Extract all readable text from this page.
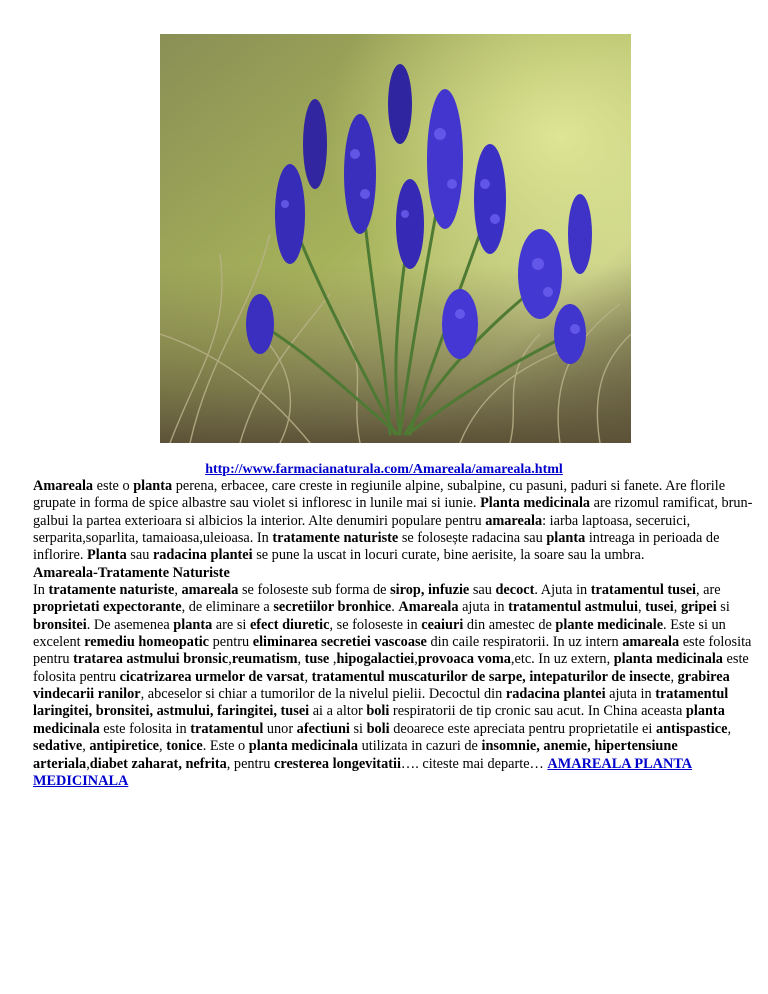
http://www.farmacianaturala.com/Amareala/amareala.html

Amareala este o planta perena, erbacee, care creste in regiunile alpine, subalpine, cu pasuni, paduri si fanete. Are florile grupate in forma de spice albastre sau violet si infloresc in lunile mai si iunie. Planta medicinala are rizomul ramificat, brun-galbui la partea exterioara si albicios la interior. Alte denumiri populare pentru amareala: iarba laptoasa, seceruici, serparita,soparlita, tamaioasa,uleioasa. In tratamente naturiste se folosește radacina sau planta intreaga in perioada de inflorire. Planta sau radacina plantei se pune la uscat in locuri curate, bine aerisite, la soare sau la umbra.

Amareala-Tratamente Naturiste

In tratamente naturiste, amareala se foloseste sub forma de sirop, infuzie sau decoct. Ajuta in tratamentul tusei, are proprietati expectorante, de eliminare a secretiilor bronhice. Amareala ajuta in tratamentul astmului, tusei, gripei si bronsitei. De asemenea planta are si efect diuretic, se foloseste in ceaiuri din amestec de plante medicinale. Este si un excelent remediu homeopatic pentru eliminarea secretiei vascoase din caile respiratorii. In uz intern amareala este folosita pentru tratarea astmului bronsic,reumatism, tuse ,hipogalactiei,provoaca voma,etc. In uz extern, planta medicinala este folosita pentru cicatrizarea urmelor de varsat, tratamentul muscaturilor de sarpe, intepaturilor de insecte, grabirea vindecarii ranilor, abceselor si chiar a tumorilor de la nivelul pielii. Decoctul din radacina plantei ajuta in tratamentul laringitei, bronsitei, astmului, faringitei, tusei ai a altor boli respiratorii de tip cronic sau acut. In China aceasta planta medicinala este folosita in tratamentul unor afectiuni si boli deoarece este apreciata pentru proprietatile ei antispastice, sedative, antipiretice, tonice. Este o planta medicinala utilizata in cazuri de insomnie, anemie, hipertensiune arteriala,diabet zaharat, nefrita, pentru cresterea longevitatii…. citeste mai departe… AMAREALA PLANTA MEDICINALA
